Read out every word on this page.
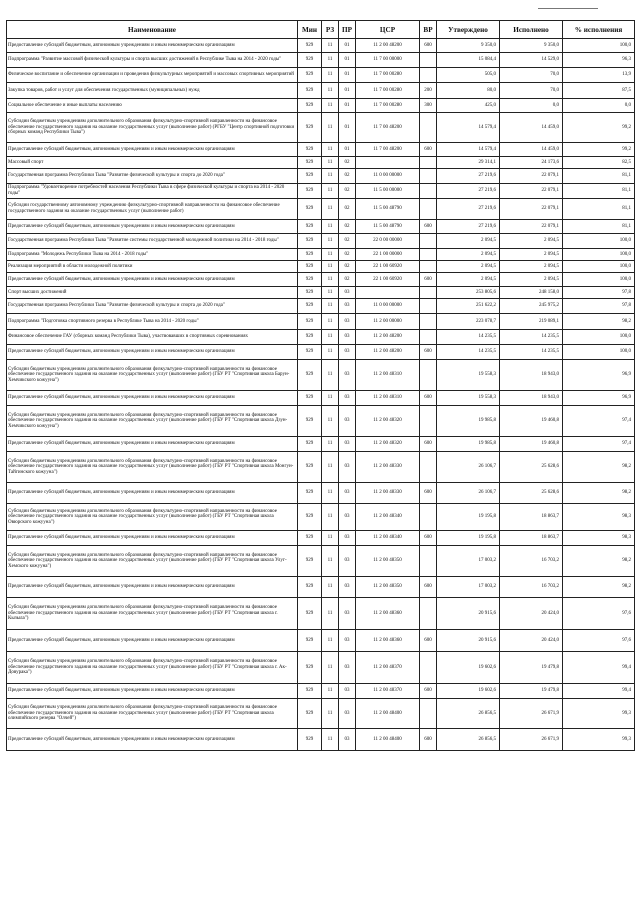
Наименование	Мин	РЗ	ПР	ЦСР	ВР	Утверждено	Исполнено	% исполнения
Предоставление субсидий бюджетным, автономным учреждениям и иным некоммерческим организациям	929	11	01	11 2 00 48200	600	9 350,0	9 350,0	100,0
Подпрограмма "Развитие массовой физической культуры и спорта высших достижений в Республике Тыва на 2014 - 2020 годы"	929	11	01	11 7 00 00000		15 084,4	14 529,0	96,3
Физическое воспитание и обеспечение организации и проведения физкультурных мероприятий и массовых спортивных мероприятий	929	11	01	11 7 00 00280		505,0	70,0	13,9
Закупка товаров, работ и услуг для обеспечения государственных (муниципальных) нужд	929	11	01	11 7 00 00280	200	80,0	70,0	87,5
Социальное обеспечение и иные выплаты населению	929	11	01	11 7 00 00280	300	425,0	0,0	0,0
Субсидии бюджетным учреждениям дополнительного образования физкультурно-спортивной направленности на финансовое обеспечение государственного задания на оказание государственных услуг (выполнение работ) (РГБУ "Центр спортивной подготовки сборных команд Республики Тыва")	929	11	01	11 7 00 48200		14 579,4	14 459,0	99,2
Предоставление субсидий бюджетным, автономным учреждениям и иным некоммерческим организациям	929	11	01	11 7 00 48200	600	14 579,4	14 459,0	99,2
Массовый спорт	929	11	02			29 314,1	24 173,6	82,5
Государственная программа Республики Тыва "Развитие физической культуры и спорта до 2020 года"	929	11	02	11 0 00 00000		27 219,6	22 079,1	81,1
Подпрограмма "Удовлетворение потребностей населения Республики Тыва в сфере физической культуры и спорта на 2014 - 2020 годы"	929	11	02	11 5 00 00000		27 219,6	22 079,1	81,1
Субсидии государственному автономному учреждению физкультурно-спортивной направленности на финансовое обеспечение государственного задания на оказание государственных услуг (выполнение работ)	929	11	02	11 5 00 48790		27 219,6	22 079,1	81,1
Предоставление субсидий бюджетным, автономным учреждениям и иным некоммерческим организациям	929	11	02	11 5 00 48790	600	27 219,6	22 079,1	81,1
Государственная программа Республики Тыва "Развитие системы государственной молодежной политики на 2014 - 2018 годы"	929	11	02	22 0 00 00000		2 094,5	2 094,5	100,0
Подпрограмма "Молодежь Республики Тыва на 2014 - 2018 годы"	929	11	02	22 1 00 00000		2 094,5	2 094,5	100,0
Реализация мероприятий в области молодежной политики	929	11	02	22 1 00 60920		2 094,5	2 094,5	100,0
Предоставление субсидий бюджетным, автономным учреждениям и иным некоммерческим организациям	929	11	02	22 1 00 60920	600	2 094,5	2 094,5	100,0
Спорт высших достижений	929	11	03			253 805,6	248 158,0	97,8
Государственная программа Республики Тыва "Развитие физической культуры и спорта до 2020 года"	929	11	03	11 0 00 00000		251 622,2	245 975,2	97,8
Подпрограмма "Подготовка спортивного резерва в Республике Тыва на 2014 - 2020 годы"	929	11	03	11 2 00 00000		223 078,7	219 089,1	98,2
Финансовое обеспечение ГАУ (сборных команд Республики Тыва), участвовавших в спортивных соревнованиях	929	11	03	11 2 00 48200		14 235,5	14 235,5	100,0
Предоставление субсидий бюджетным, автономным учреждениям и иным некоммерческим организациям	929	11	03	11 2 00 48200	600	14 235,5	14 235,5	100,0
Субсидии бюджетным учреждениям дополнительного образования физкультурно-спортивной направленности на финансовое обеспечение государственного задания на оказание государственных услуг (выполнение работ) (ГБУ РТ "Спортивная школа Барун-Хемчикского кожууна")	929	11	03	11 2 00 48310		19 558,3	18 943,0	96,9
Предоставление субсидий бюджетным, автономным учреждениям и иным некоммерческим организациям	929	11	03	11 2 00 48310	600	19 558,3	18 943,0	96,9
Субсидии бюджетным учреждениям дополнительного образования физкультурно-спортивной направленности на финансовое обеспечение государственного задания на оказание государственных услуг (выполнение работ) (ГБУ РТ "Спортивная школа Дзун-Хемчикского кожууна")	929	11	03	11 2 00 48320		19 985,8	19 460,8	97,4
Предоставление субсидий бюджетным, автономным учреждениям и иным некоммерческим организациям	929	11	03	11 2 00 48320	600	19 985,8	19 460,8	97,4
Субсидии бюджетным учреждениям дополнительного образования физкультурно-спортивной направленности на финансовое обеспечение государственного задания на оказание государственных услуг (выполнение работ) (ГБУ РТ "Спортивная школа Монгун-Тайгинского кожууна")	929	11	03	11 2 00 48330		26 106,7	25 628,6	98,2
Предоставление субсидий бюджетным, автономным учреждениям и иным некоммерческим организациям	929	11	03	11 2 00 48330	600	26 106,7	25 628,6	98,2
Субсидии бюджетным учреждениям дополнительного образования физкультурно-спортивной направленности на финансовое обеспечение государственного задания на оказание государственных услуг (выполнение работ) (ГБУ РТ "Спортивная школа Овюрского кожууна")	929	11	03	11 2 00 48340		19 195,8	18 863,7	98,3
Предоставление субсидий бюджетным, автономным учреждениям и иным некоммерческим организациям	929	11	03	11 2 00 48340	600	19 195,8	18 863,7	98,3
Субсидии бюджетным учреждениям дополнительного образования физкультурно-спортивной направленности на финансовое обеспечение государственного задания на оказание государственных услуг (выполнение работ) (ГБУ РТ "Спортивная школа Улуг-Хемского кожууна")	929	11	03	11 2 00 48350		17 003,2	16 703,2	98,2
Предоставление субсидий бюджетным, автономным учреждениям и иным некоммерческим организациям	929	11	03	11 2 00 48350	600	17 003,2	16 703,2	98,2
Субсидии бюджетным учреждениям дополнительного образования физкультурно-спортивной направленности на финансовое обеспечение государственного задания на оказание государственных услуг (выполнение работ) (ГБУ РТ "Спортивная школа г. Кызыла")	929	11	03	11 2 00 48360		20 915,6	20 424,0	97,6
Предоставление субсидий бюджетным, автономным учреждениям и иным некоммерческим организациям	929	11	03	11 2 00 48360	600	20 915,6	20 424,0	97,6
Субсидии бюджетным учреждениям дополнительного образования физкультурно-спортивной направленности на финансовое обеспечение государственного задания на оказание государственных услуг (выполнение работ) (ГБУ РТ "Спортивная школа г. Ак-Довурака")	929	11	03	11 2 00 48370		19 602,6	19 479,8	99,4
Предоставление субсидий бюджетным, автономным учреждениям и иным некоммерческим организациям	929	11	03	11 2 00 48370	600	19 602,6	19 479,8	99,4
Субсидии бюджетным учреждениям дополнительного образования физкультурно-спортивной направленности на финансовое обеспечение государственного задания на оказание государственных услуг (выполнение работ) (ГБУ РТ "Спортивная школа олимпийского резерва "Олчей")	929	11	03	11 2 00 48400		26 856,5	26 671,9	99,3
Предоставление субсидий бюджетным, автономным учреждениям и иным некоммерческим организациям	929	11	03	11 2 00 48400	600	26 856,5	26 671,9	99,3
